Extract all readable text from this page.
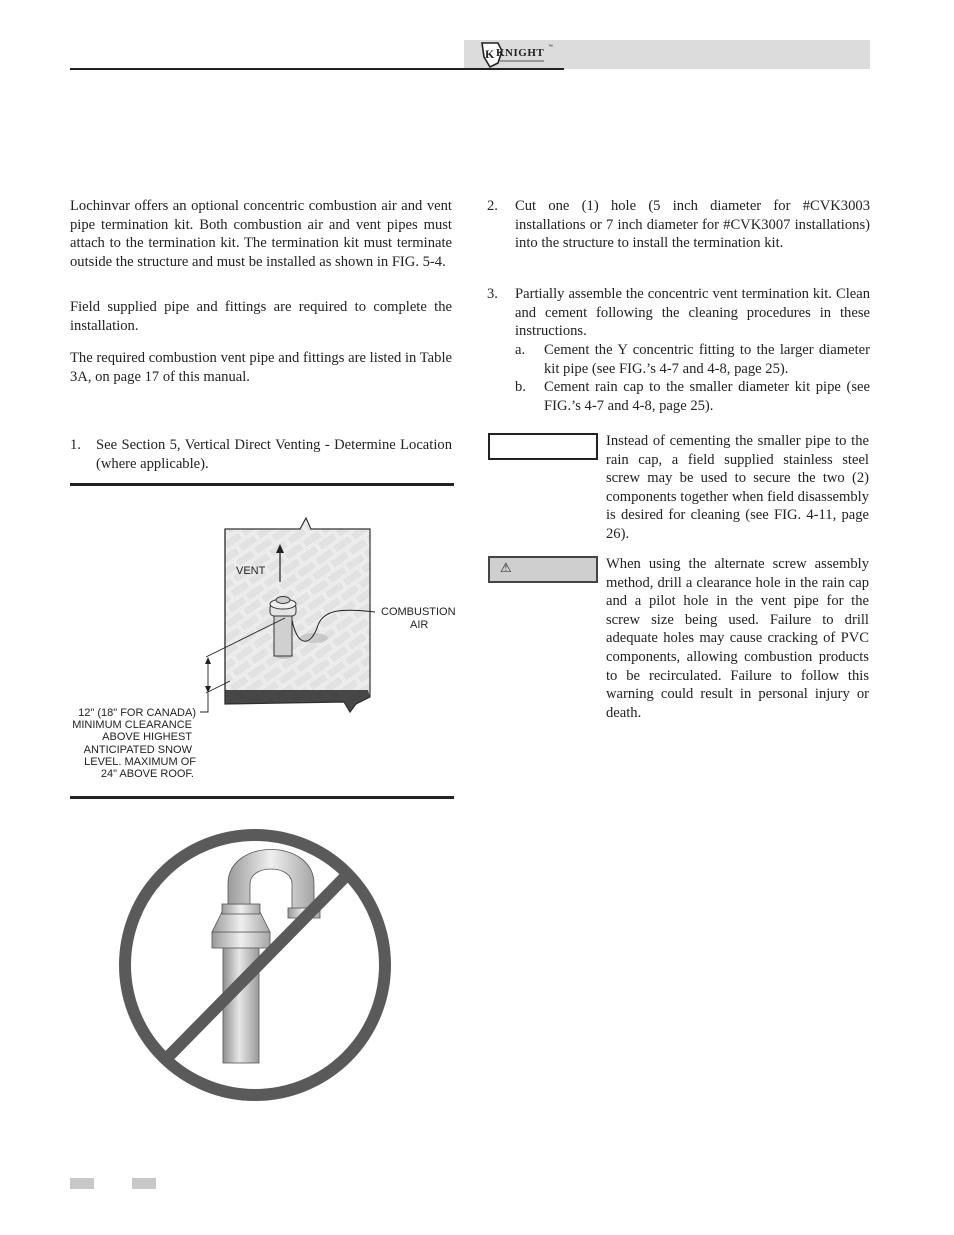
K KNIGHT ™

Lochinvar offers an optional concentric combustion air and vent pipe termination kit. Both combustion air and vent pipes must attach to the termination kit. The termination kit must terminate outside the structure and must be installed as shown in FIG. 5-4.

Field supplied pipe and fittings are required to complete the installation.

The required combustion vent pipe and fittings are listed in Table 3A, on page 17 of this manual.

1. See Section 5, Vertical Direct Venting - Determine Location (where applicable).

VENT
COMBUSTION
AIR
12" (18" FOR CANADA)
MINIMUM CLEARANCE
ABOVE HIGHEST
ANTICIPATED SNOW
LEVEL. MAXIMUM OF
24" ABOVE ROOF.
2. Cut one (1) hole (5 inch diameter for #CVK3003 installations or 7 inch diameter for #CVK3007 installations) into the structure to install the termination kit.

3. Partially assemble the concentric vent termination kit. Clean and cement following the cleaning procedures in these instructions.

a. Cement the Y concentric fitting to the larger diameter kit pipe (see FIG.’s 4-7 and 4-8, page 25).

b. Cement rain cap to the smaller diameter kit pipe (see FIG.’s 4-7 and 4-8, page 25).

Instead of cementing the smaller pipe to the rain cap, a field supplied stainless steel screw may be used to secure the two (2) components together when field disassembly is desired for cleaning (see FIG. 4-11, page 26).

⚠	When using the alternate screw assembly method, drill a clearance hole in the rain cap and a pilot hole in the vent pipe for the screw size being used. Failure to drill adequate holes may cause cracking of PVC components, allowing combustion products to be recirculated. Failure to follow this warning could result in personal injury or death.
